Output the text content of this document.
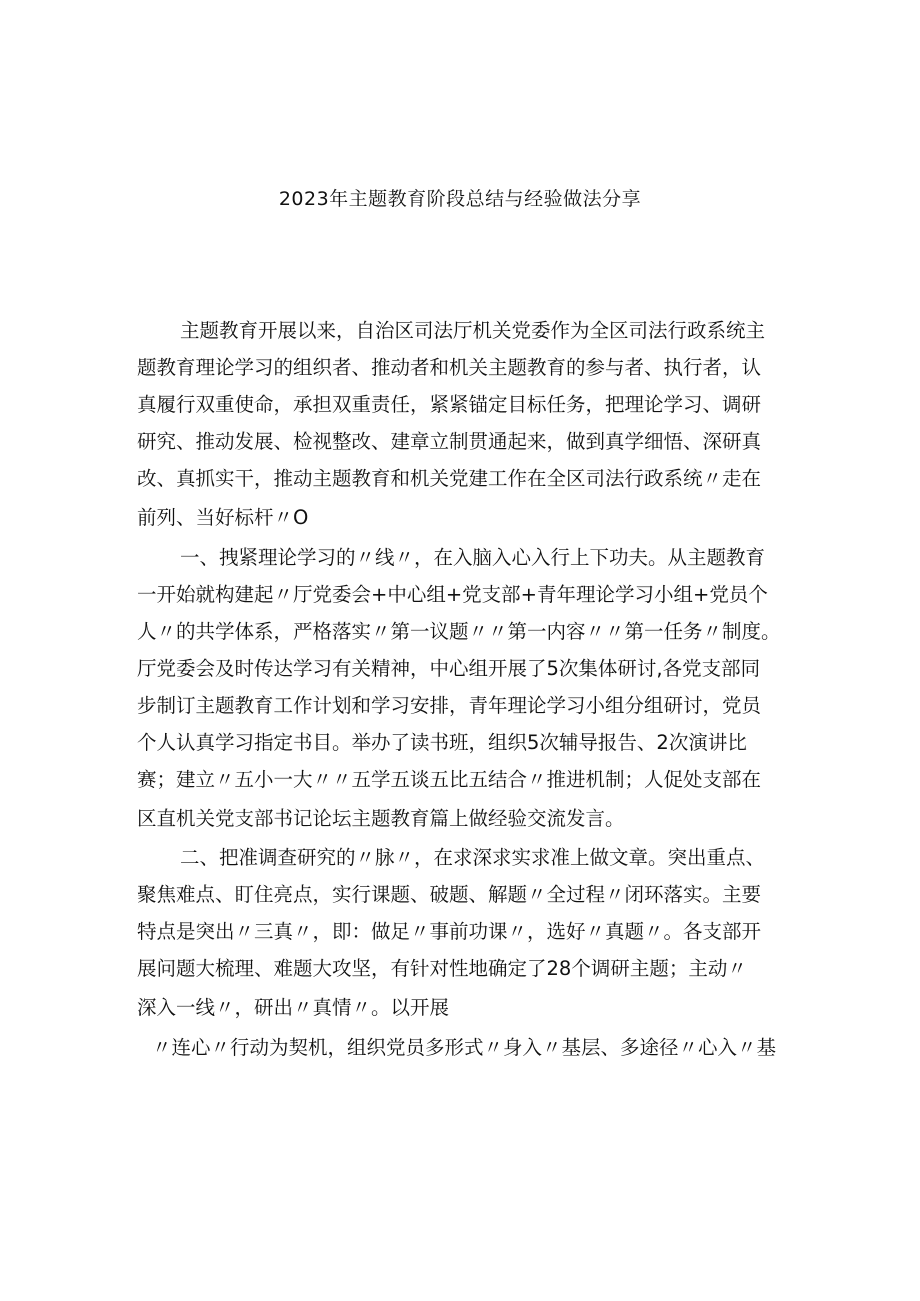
2023年主题教育阶段总结与经验做法分享
主题教育开展以来，自治区司法厅机关党委作为全区司法行政系统主
题教育理论学习的组织者、推动者和机关主题教育的参与者、执行者，认
真履行双重使命，承担双重责任，紧紧锚定目标任务，把理论学习、调研
研究、推动发展、检视整改、建章立制贯通起来，做到真学细悟、深研真
改、真抓实干，推动主题教育和机关党建工作在全区司法行政系统〃走在
前列、当好标杆〃O
一、拽紧理论学习的〃线〃，在入脑入心入行上下功夫。从主题教育
一开始就构建起〃厅党委会+中心组+党支部+青年理论学习小组+党员个
人〃的共学体系，严格落实〃第一议题〃〃第一内容〃〃第一任务〃制度。
厅党委会及时传达学习有关精神，中心组开展了5次集体研讨,各党支部同
步制订主题教育工作计划和学习安排，青年理论学习小组分组研讨，党员
个人认真学习指定书目。举办了读书班，组织5次辅导报告、2次演讲比
赛；建立〃五小一大〃〃五学五谈五比五结合〃推进机制；人促处支部在
区直机关党支部书记论坛主题教育篇上做经验交流发言。
二、把准调查研究的〃脉〃，在求深求实求准上做文章。突出重点、
聚焦难点、盯住亮点，实行课题、破题、解题〃全过程〃闭环落实。主要
特点是突出〃三真〃，即：做足〃事前功课〃，选好〃真题〃。各支部开
展问题大梳理、难题大攻坚，有针对性地确定了28个调研主题；主动〃
深入一线〃，研出〃真情〃。以开展
〃连心〃行动为契机，组织党员多形式〃身入〃基层、多途径〃心入〃基
